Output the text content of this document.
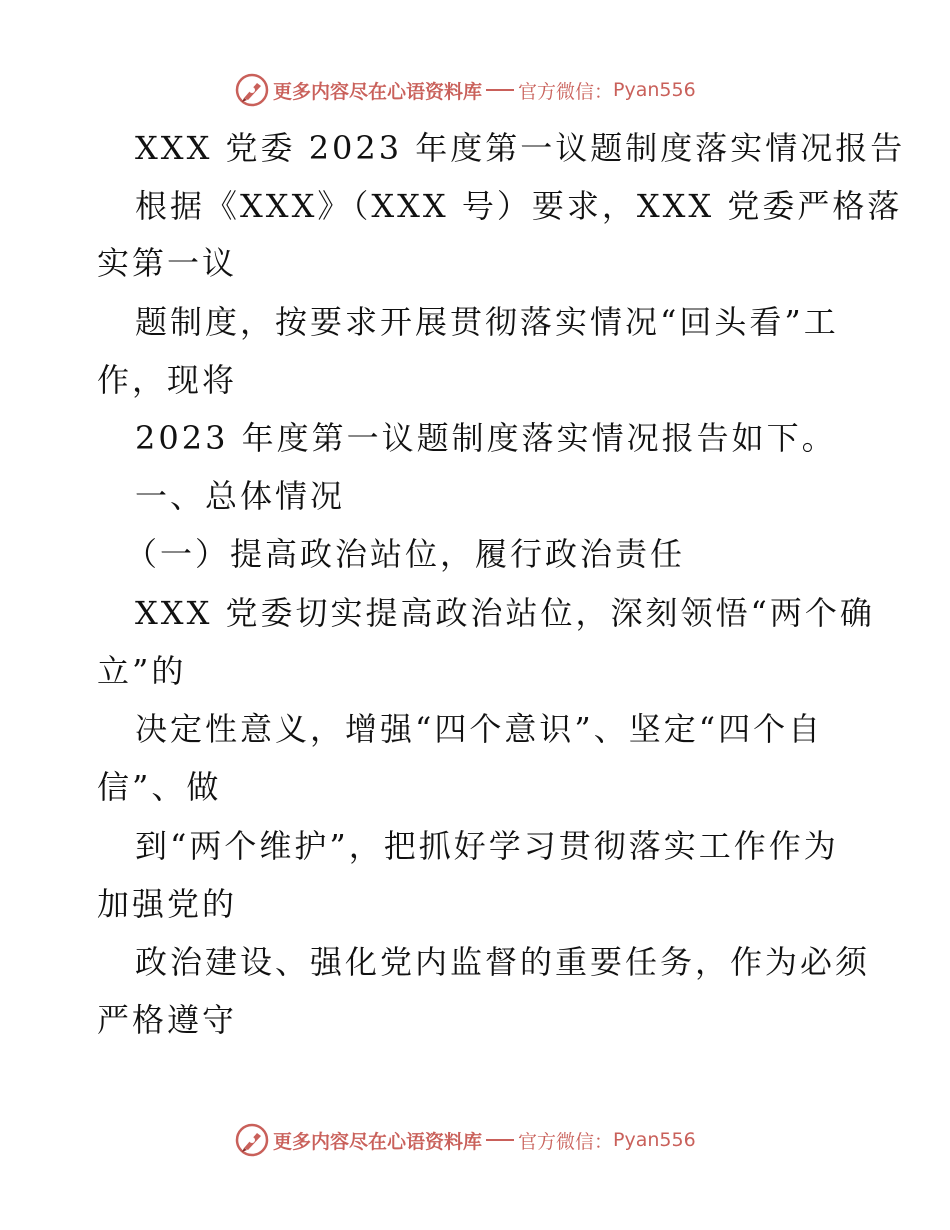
更多内容尽在心语资料库 官方微信： Pyan556
XXX 党委 2023 年度第一议题制度落实情况报告
根据《XXX》（XXX 号）要求，XXX 党委严格落
实第一议
题制度，按要求开展贯彻落实情况“回头看”工
作，现将
2023 年度第一议题制度落实情况报告如下。
一、总体情况
（一）提高政治站位，履行政治责任
XXX 党委切实提高政治站位，深刻领悟“两个确
立”的
决定性意义，增强“四个意识”、坚定“四个自
信”、做
到“两个维护”，把抓好学习贯彻落实工作作为
加强党的
政治建设、强化党内监督的重要任务，作为必须
严格遵守
更多内容尽在心语资料库 官方微信： Pyan556
